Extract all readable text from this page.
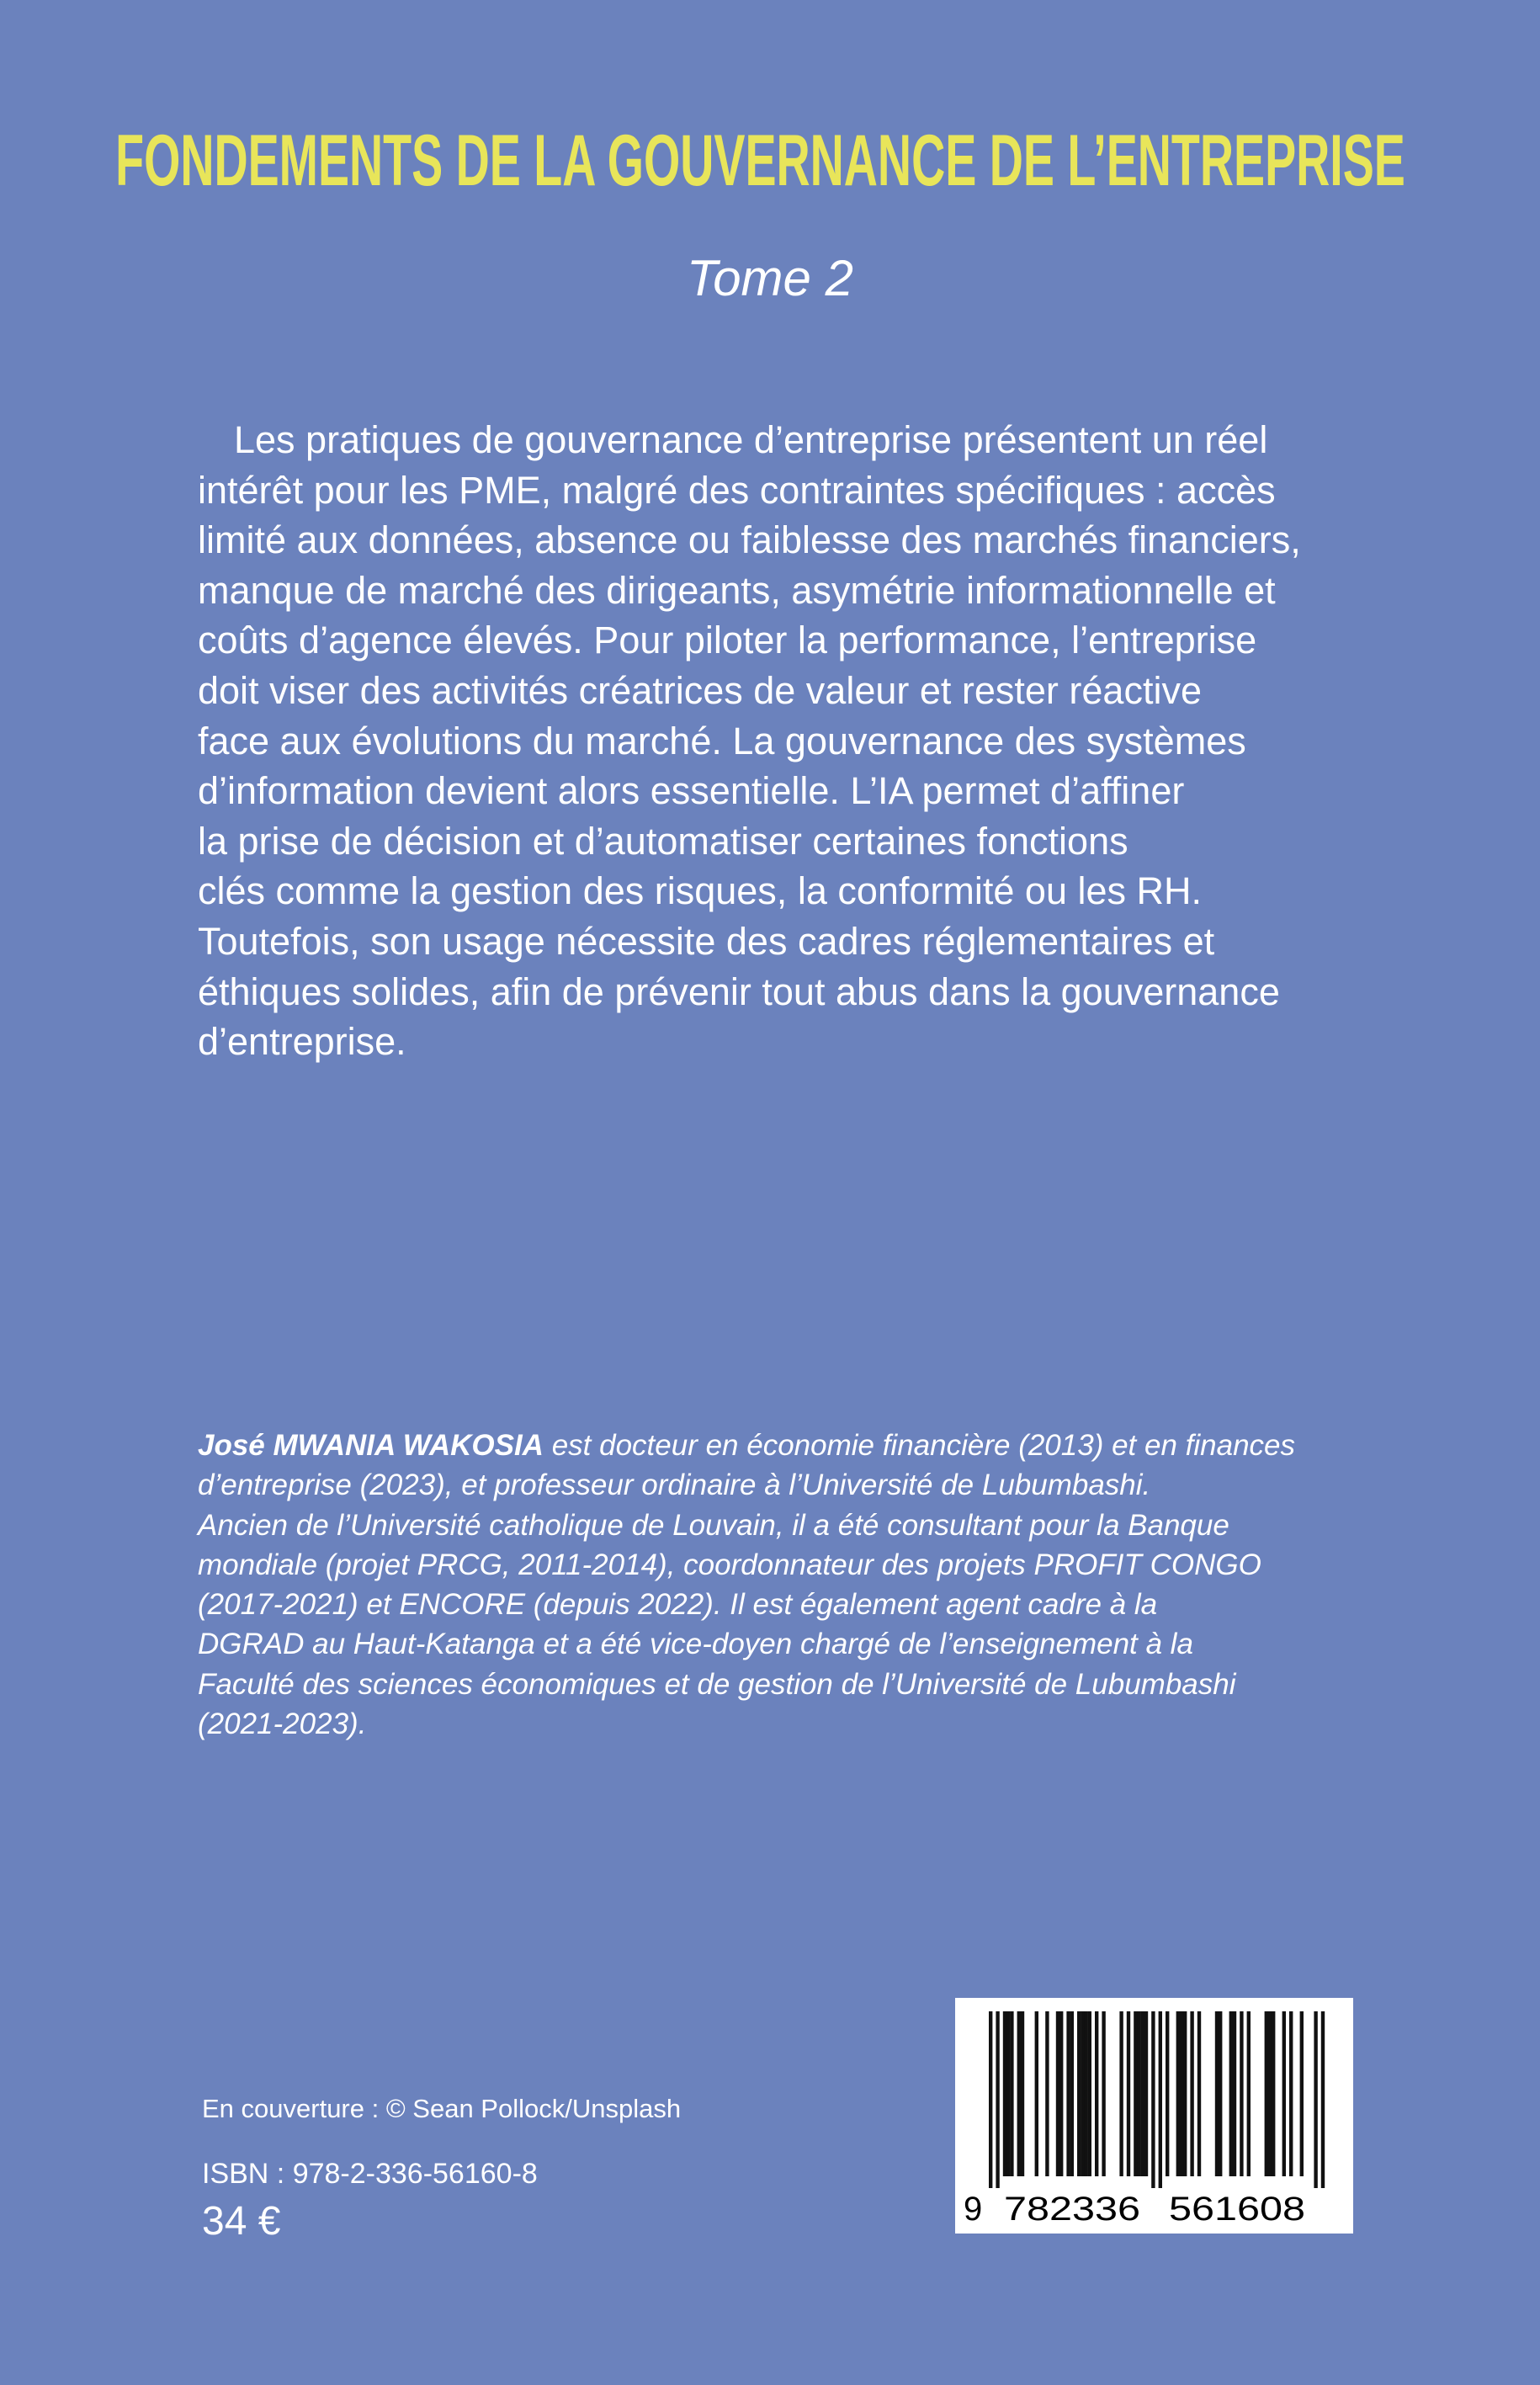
FONDEMENTS DE LA GOUVERNANCE DE L’ENTREPRISE
Tome 2
Les pratiques de gouvernance d’entreprise présentent un réel
intérêt pour les PME, malgré des contraintes spécifiques : accès
limité aux données, absence ou faiblesse des marchés financiers,
manque de marché des dirigeants, asymétrie informationnelle et
coûts d’agence élevés. Pour piloter la performance, l’entreprise
doit viser des activités créatrices de valeur et rester réactive
face aux évolutions du marché. La gouvernance des systèmes
d’information devient alors essentielle. L’IA permet d’affiner
la prise de décision et d’automatiser certaines fonctions
clés comme la gestion des risques, la conformité ou les RH.
Toutefois, son usage nécessite des cadres réglementaires et
éthiques solides, afin de prévenir tout abus dans la gouvernance
d’entreprise.
José MWANIA WAKOSIA est docteur en économie financière (2013) et en finances
d’entreprise (2023), et professeur ordinaire à l’Université de Lubumbashi.
Ancien de l’Université catholique de Louvain, il a été consultant pour la Banque
mondiale (projet PRCG, 2011-2014), coordonnateur des projets PROFIT CONGO
(2017-2021) et ENCORE (depuis 2022). Il est également agent cadre à la
DGRAD au Haut-Katanga et a été vice-doyen chargé de l’enseignement à la
Faculté des sciences économiques et de gestion de l’Université de Lubumbashi
(2021-2023).
En couverture : © Sean Pollock/Unsplash
ISBN : 978-2-336-56160-8
34 €	9 782336 561608
